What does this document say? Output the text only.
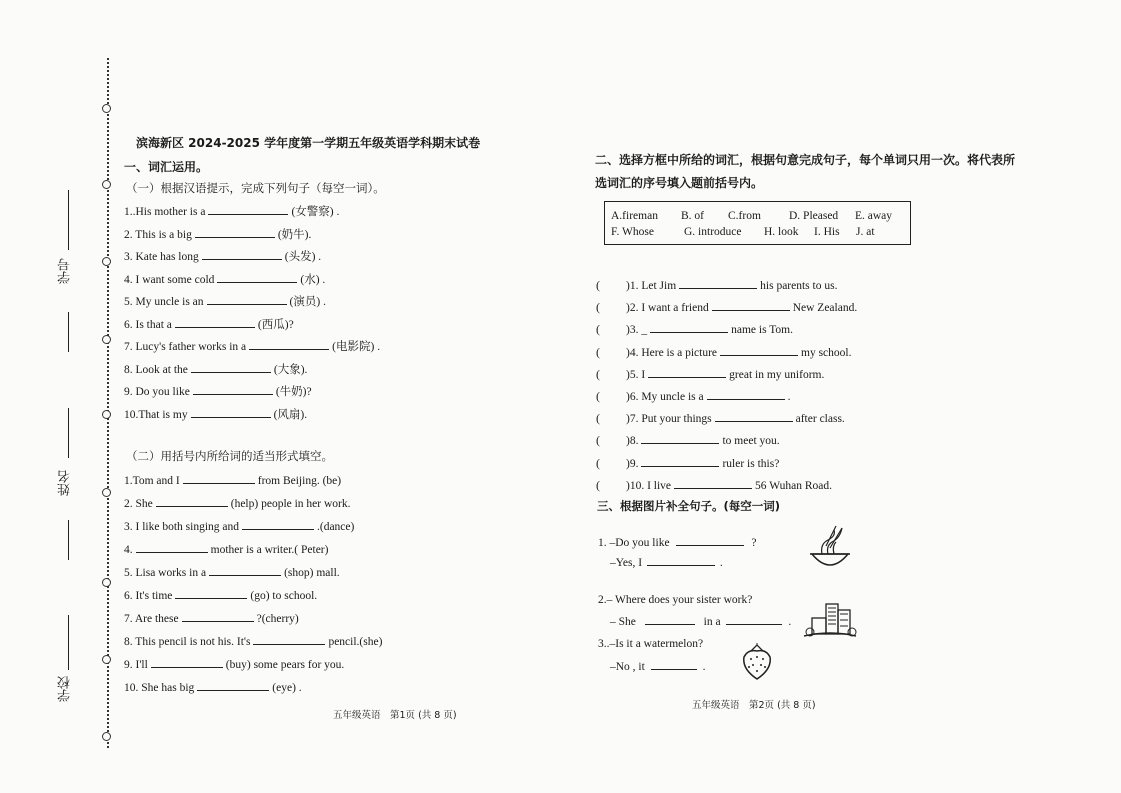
学号
姓名
学校
滨海新区 2024-2025 学年度第一学期五年级英语学科期末试卷
一、词汇运用。
（一）根据汉语提示，完成下列句子（每空一词）。
1..His mother is a	(女警察) .
2. This is a big	(奶牛).
3. Kate has long	(头发) .
4. I want some cold	(水) .
5. My uncle is an	(演员) .
6. Is that a	(西瓜)?
7. Lucy's father works in a	(电影院) .
8. Look at the	(大象).
9. Do you like	(牛奶)?
10.That is my	(风扇).
（二）用括号内所给词的适当形式填空。
1.Tom and I	from Beijing. (be)
2. She	(help) people in her work.
3. I like both singing and	.(dance)
4.	mother is a writer.( Peter)
5. Lisa works in a	(shop) mall.
6. It's time	(go) to school.
7. Are these	?(cherry)
8. This pencil is not his. It's	pencil.(she)
9. I'll	(buy) some pears for you.
10. She has big	(eye) .
五年级英语　第1页 (共 8 页)
二、选择方框中所给的词汇，根据句意完成句子，每个单词只用一次。将代表所
选词汇的序号填入题前括号内。
A.fireman B. of C.from D. Pleased E. away
F. Whose	G. introduce H. look I. His J. at
( )1. Let Jim	his parents to us.
( )2. I want a friend	New Zealand.
( )3. _	name is Tom.
( )4. Here is a picture	my school.
( )5. I	great in my uniform.
( )6. My uncle is a	.
( )7. Put your things	after class.
( )8.	to meet you.
( )9.	ruler is this?
( )10. I live	56 Wuhan Road.
三、根据图片补全句子。(每空一词)
1. –Do you like	?
–Yes, I	.
2.– Where does your sister work?
– She	in a	.
3..–Is it a watermelon?
–No , it	.
五年级英语　第2页 (共 8 页)
